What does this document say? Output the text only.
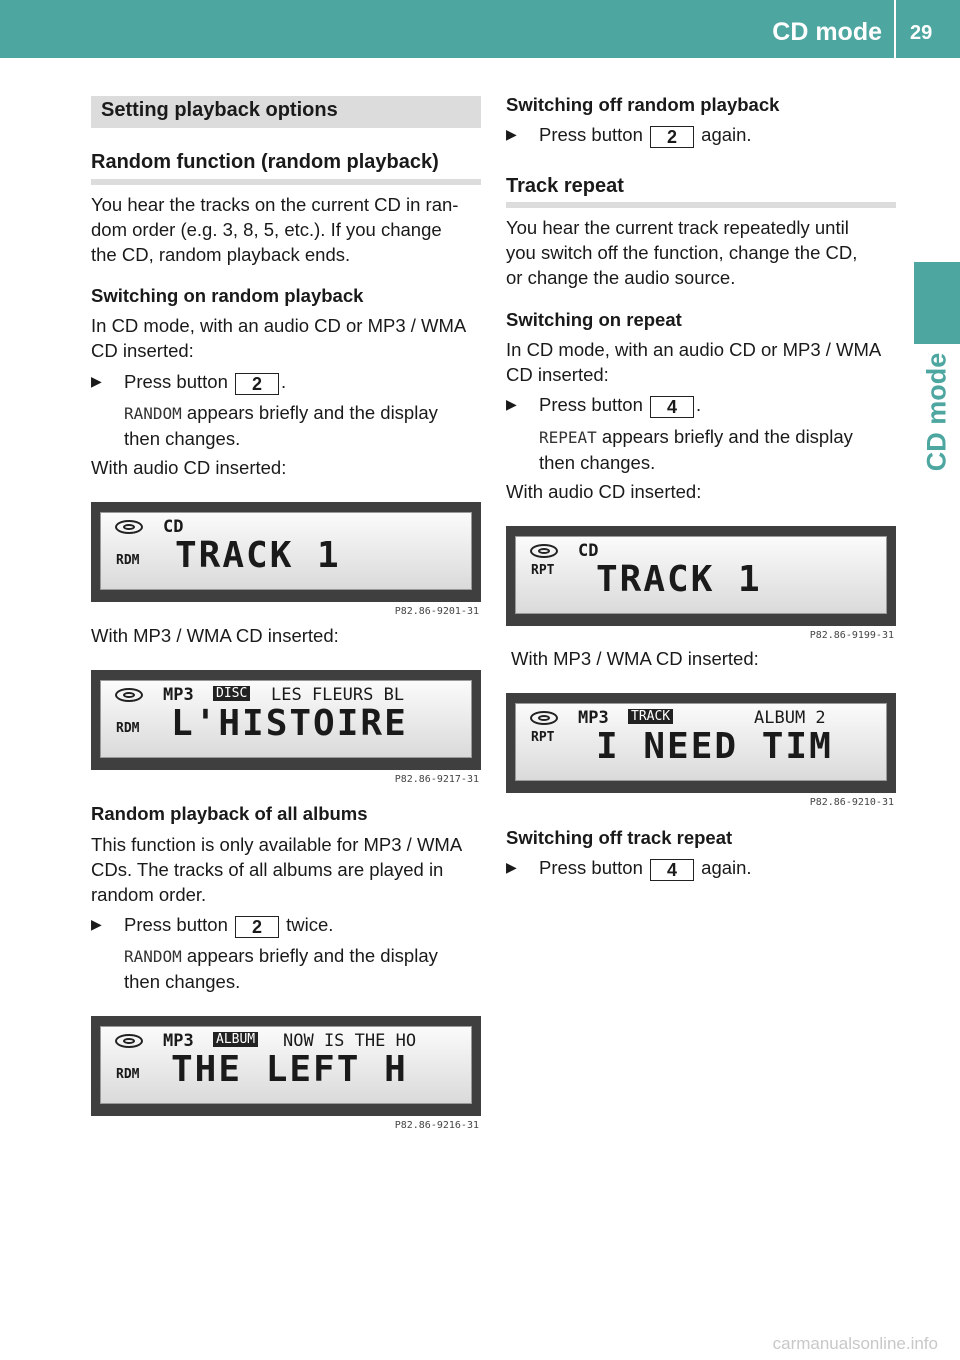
CD mode 29
CD mode
Setting playback options
Random function (random playback)
You hear the tracks on the current CD in ran-
dom order (e.g. 3, 8, 5, etc.). If you change
the CD, random playback ends.
Switching on random playback
In CD mode, with an audio CD or MP3 / WMA
CD inserted:
▶ Press button 2 .
RANDOM appears briefly and the display
then changes.
With audio CD inserted:
CD
RDM TRACK 1
P82.86-9201-31
With MP3 / WMA CD inserted:
MP3 DISC LES FLEURS BL
RDM L'HISTOIRE
P82.86-9217-31
Random playback of all albums
This function is only available for MP3 / WMA
CDs. The tracks of all albums are played in
random order.
▶ Press button 2 twice.
RANDOM appears briefly and the display
then changes.
MP3 ALBUM NOW IS THE HO
RDM THE LEFT H
P82.86-9216-31
Switching off random playback
▶ Press button 2 again.
Track repeat
You hear the current track repeatedly until
you switch off the function, change the CD,
or change the audio source.
Switching on repeat
In CD mode, with an audio CD or MP3 / WMA
CD inserted:
▶ Press button 4 .
REPEAT appears briefly and the display
then changes.
With audio CD inserted:
CD
RPT TRACK 1
P82.86-9199-31
With MP3 / WMA CD inserted:
MP3 TRACK	ALBUM 2
RPT I NEED TIM
P82.86-9210-31
Switching off track repeat
▶ Press button 4 again.
carmanualsonline.info
